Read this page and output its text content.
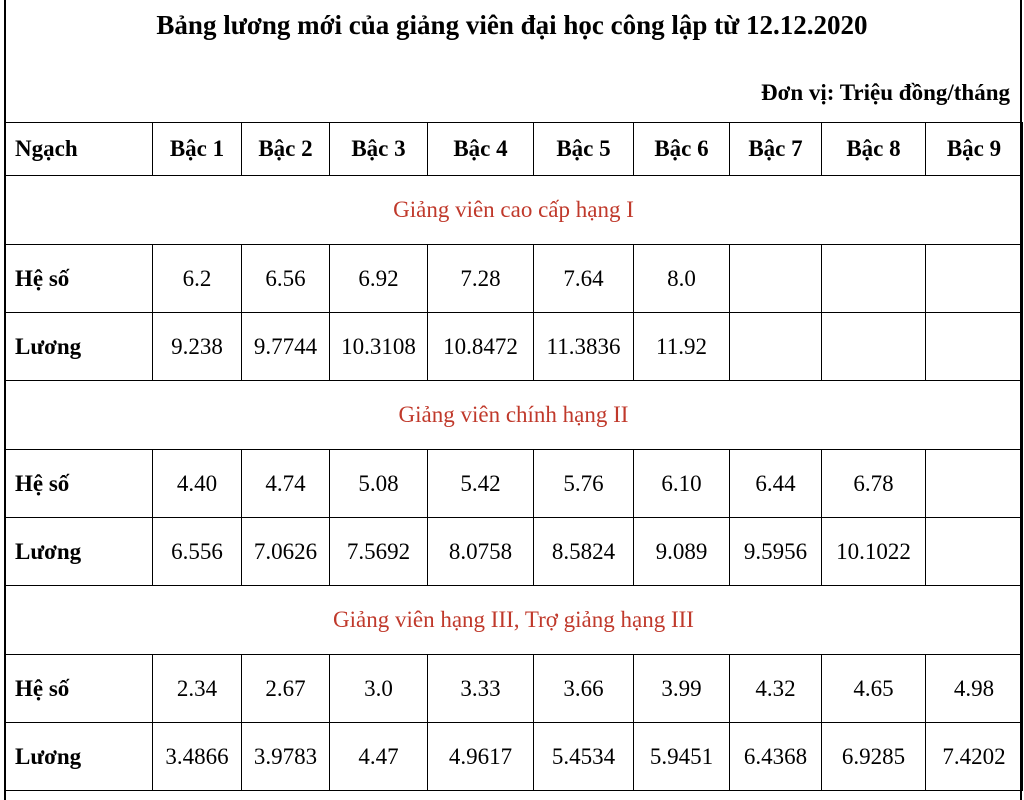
Bảng lương mới của giảng viên đại học công lập từ 12.12.2020
Đơn vị: Triệu đồng/tháng
Ngạch	Bậc 1	Bậc 2	Bậc 3	Bậc 4	Bậc 5	Bậc 6	Bậc 7	Bậc 8	Bậc 9
Giảng viên cao cấp hạng I									
Hệ số	6.2	6.56	6.92	7.28	7.64	8.0			
Lương	9.238	9.7744	10.3108	10.8472	11.3836	11.92			
Giảng viên chính hạng II									
Hệ số	4.40	4.74	5.08	5.42	5.76	6.10	6.44	6.78	
Lương	6.556	7.0626	7.5692	8.0758	8.5824	9.089	9.5956	10.1022	
Giảng viên hạng III, Trợ giảng hạng III									
Hệ số	2.34	2.67	3.0	3.33	3.66	3.99	4.32	4.65	4.98
Lương	3.4866	3.9783	4.47	4.9617	5.4534	5.9451	6.4368	6.9285	7.4202
